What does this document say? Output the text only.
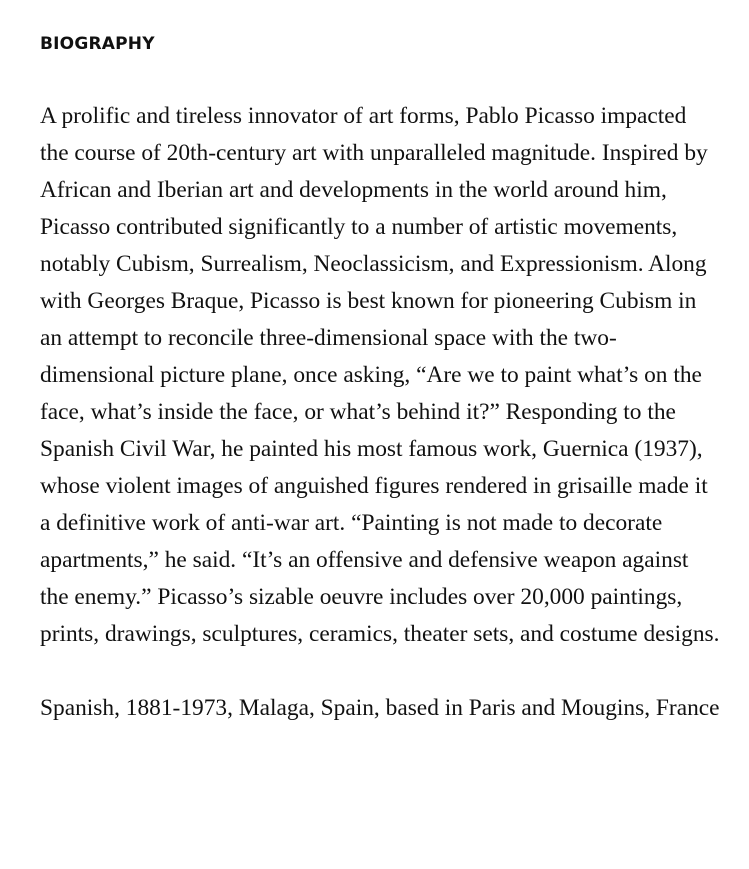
BIOGRAPHY

A prolific and tireless innovator of art forms, Pablo Picasso impacted the course of 20th-century art with unparalleled magnitude. Inspired by African and Iberian art and developments in the world around him, Picasso contributed significantly to a number of artistic movements, notably Cubism, Surrealism, Neoclassicism, and Expressionism. Along with Georges Braque, Picasso is best known for pioneering Cubism in an attempt to reconcile three-dimensional space with the two-dimensional picture plane, once asking, “Are we to paint what’s on the face, what’s inside the face, or what’s behind it?” Responding to the Spanish Civil War, he painted his most famous work, Guernica (1937), whose violent images of anguished figures rendered in grisaille made it a definitive work of anti-war art. “Painting is not made to decorate apartments,” he said. “It’s an offensive and defensive weapon against the enemy.” Picasso’s sizable oeuvre includes over 20,000 paintings, prints, drawings, sculptures, ceramics, theater sets, and costume designs.

Spanish, 1881-1973, Malaga, Spain, based in Paris and Mougins, France
